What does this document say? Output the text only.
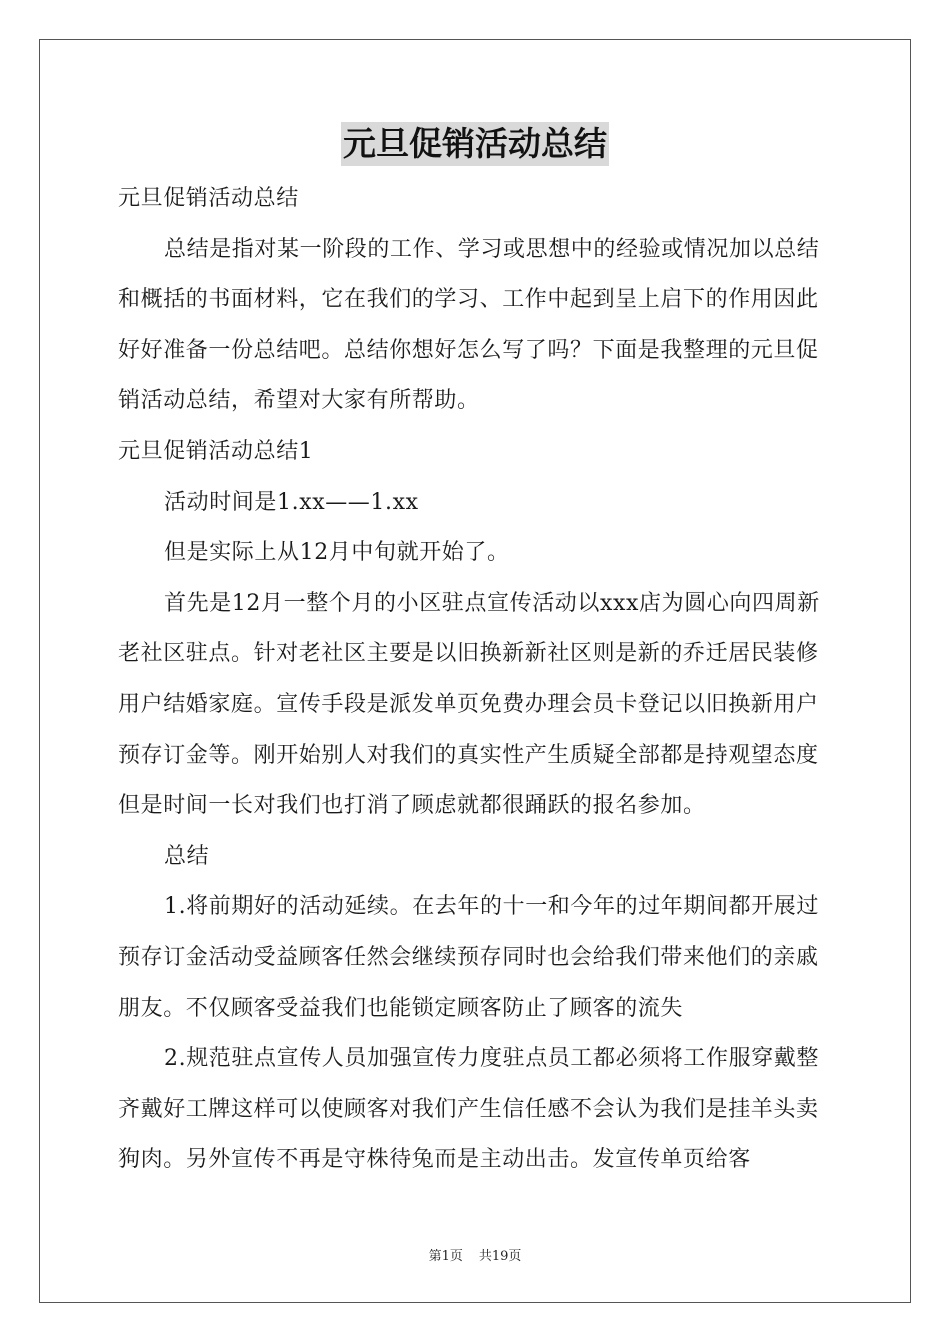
元旦促销活动总结

元旦促销活动总结

总结是指对某一阶段的工作、学习或思想中的经验或情况加以总结和概括的书面材料，它在我们的学习、工作中起到呈上启下的作用因此好好准备一份总结吧。总结你想好怎么写了吗？下面是我整理的元旦促销活动总结，希望对大家有所帮助。

元旦促销活动总结1

活动时间是1.xx——1.xx

但是实际上从12月中旬就开始了。

首先是12月一整个月的小区驻点宣传活动以xxx店为圆心向四周新老社区驻点。针对老社区主要是以旧换新新社区则是新的乔迁居民装修用户结婚家庭。宣传手段是派发单页免费办理会员卡登记以旧换新用户预存订金等。刚开始别人对我们的真实性产生质疑全部都是持观望态度但是时间一长对我们也打消了顾虑就都很踊跃的报名参加。

总结

1.将前期好的活动延续。在去年的十一和今年的过年期间都开展过预存订金活动受益顾客任然会继续预存同时也会给我们带来他们的亲戚朋友。不仅顾客受益我们也能锁定顾客防止了顾客的流失

2.规范驻点宣传人员加强宣传力度驻点员工都必须将工作服穿戴整齐戴好工牌这样可以使顾客对我们产生信任感不会认为我们是挂羊头卖狗肉。另外宣传不再是守株待兔而是主动出击。发宣传单页给客

第1页 共19页
